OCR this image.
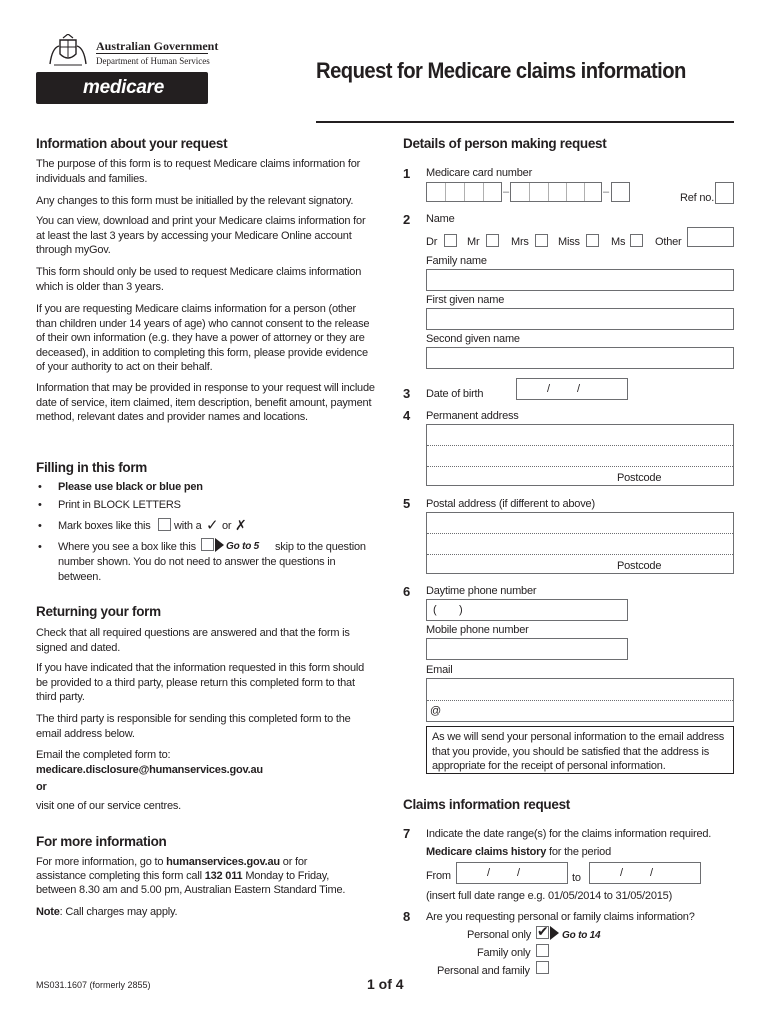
Australian Government
Department of Human Services
medicare
Request for Medicare claims information
Information about your request
The purpose of this form is to request Medicare claims information for individuals and families.
Any changes to this form must be initialled by the relevant signatory.
You can view, download and print your Medicare claims information for at least the last 3 years by accessing your Medicare Online account through myGov.
This form should only be used to request Medicare claims information which is older than 3 years.
If you are requesting Medicare claims information for a person (other than children under 14 years of age) who cannot consent to the release of their own information (e.g. they have a power of attorney or they are deceased), in addition to completing this form, please provide evidence of your authority to act on their behalf.
Information that may be provided in response to your request will include date of service, item claimed, item description, benefit amount, payment method, relevant dates and provider names and locations.
Filling in this form
• Please use black or blue pen
• Print in BLOCK LETTERS
• Mark boxes like this with a ✓ or ✗
• Where you see a box like this	Go to 5 skip to the question
number shown. You do not need to answer the questions in between.
Returning your form
Check that all required questions are answered and that the form is signed and dated.
If you have indicated that the information requested in this form should be provided to a third party, please return this completed form to that third party.
The third party is responsible for sending this completed form to the email address below.
Email the completed form to:
medicare.disclosure@humanservices.gov.au
or
visit one of our service centres.
For more information
For more information, go to humanservices.gov.au or for
assistance completing this form call 132 011 Monday to Friday,
between 8.30 am and 5.00 pm, Australian Eastern Standard Time.
Note: Call charges may apply.
Details of person making request
1 Medicare card number
–	–	Ref no.
2 Name
Dr	Mr	Mrs	Miss	Ms	Other
Family name
First given name
Second given name
3 Date of birth	/ /
4 Permanent address
Postcode
5 Postal address (if different to above)
Postcode
6 Daytime phone number
( )
Mobile phone number
Email
@
As we will send your personal information to the email address that you provide, you should be satisfied that the address is appropriate for the receipt of personal information.
Claims information request
7 Indicate the date range(s) for the claims information required.
Medicare claims history for the period
From	/ /	to	/ /
(insert full date range e.g. 01/05/2014 to 31/05/2015)
8 Are you requesting personal or family claims information?
Personal only ✔ Go to 14
Family only
Personal and family
MS031.1607 (formerly 2855)	1 of 4
